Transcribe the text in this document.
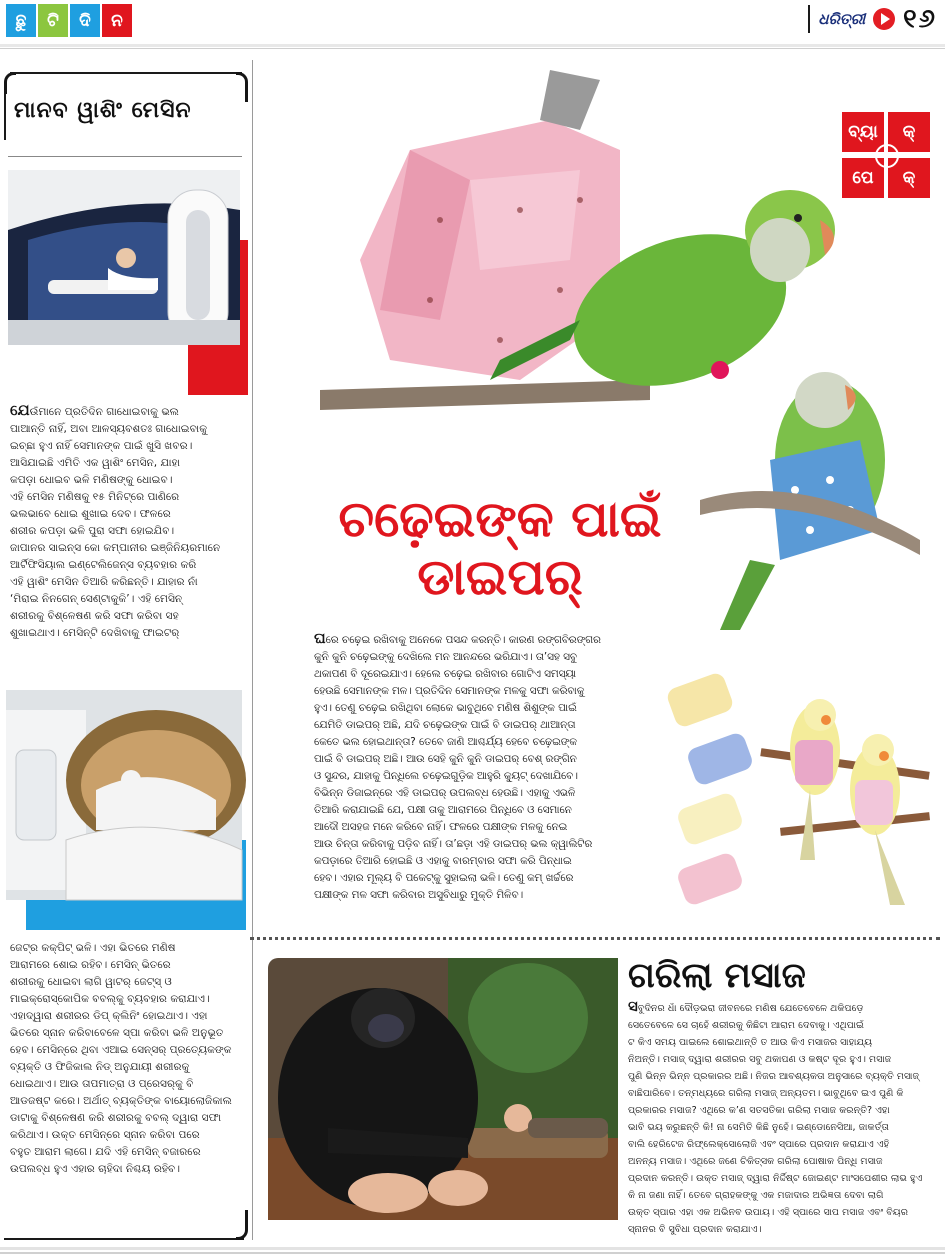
ଛୁ	ଟି	ଦି	ନ	ଧରିତ୍ରୀ ୧୬
ମାନବ ୱାଶିଂ ମେସିନ
ଯେଉଁମାନେ ପ୍ରତିଦିନ ଗାଧୋଇବାକୁ ଭଲ
ପାଆନ୍ତି ନାହିଁ, ଅବା ଆଳସ୍ୟବଶତଃ ଗାଧୋଇବାକୁ
ଇଚ୍ଛା ହୁଏ ନାହିଁ ସେମାନଙ୍କ ପାଇଁ ଖୁସି ଖବର।
ଆସିଯାଇଛି ଏମିତି ଏକ ୱାଶିଂ ମେସିନ, ଯାହା
କପଡ଼ା ଧୋଇବ ଭଳି ମଣିଷଙ୍କୁ ଧୋଇବ।
ଏହି ମେସିନ ମଣିଷକୁ ୧୫ ମିନିଟ୍‌ରେ ପାଣିରେ
ଭଲଭାବେ ଧୋଇ ଶୁଖାଇ ଦେବ। ଫଳରେ
ଶରୀର କପଡ଼ା ଭଳି ପୁରା ସଫା ହୋଇଯିବ।
ଜାପାନର ସାଇନ୍ସ କୋ କମ୍ପାନୀର ଇଞ୍ଜିନିୟରମାନେ
ଆର୍ଟିଫିସିୟାଲ ଇଣ୍ଟେଲିଜେନ୍ସ ବ୍ୟବହାର କରି
ଏହି ୱାଶିଂ ମେସିନ ତିଆରି କରିଛନ୍ତି। ଯାହାର ନାଁ
‘ମିରାଇ ନିନଗେନ୍ ସେଣ୍ଟାକୁକି’। ଏହି ମେସିନ୍
ଶରୀରକୁ ବିଶ୍ଳେଷଣ କରି ସଫା କରିବା ସହ
ଶୁଖାଇଥାଏ। ମେସିନ୍‌ଟି ଦେଖିବାକୁ ଫାଇଟର୍
ଜେଟ୍‌ର କକ୍‌ପିଟ୍ ଭଳି। ଏହା ଭିତରେ ମଣିଷ
ଆରାମରେ ଶୋଇ ରହିବ। ମେସିନ୍ ଭିତରେ
ଶରୀରକୁ ଧୋଇବା ଲାଗି ୱାଟର୍ ଜେଟ୍‌ସ୍ ଓ
ମାଇକ୍ରୋସ୍କୋପିକ ବବଲ୍‌କୁ ବ୍ୟବହାର କରାଯାଏ।
ଏହାଦ୍ୱାରା ଶରୀରର ଡିପ୍ କ୍ଲିନିଂ ହୋଇଥାଏ। ଏହା
ଭିତରେ ସ୍ନାନ କରିବାବେଳେ ସ୍ପା କରିବା ଭଳି ଅନୁଭୂତ
ହେବ। ମେସିନ୍‌ରେ ଥିବା ଏଆଇ ସେନ୍ସର୍ ପ୍ରତ୍ୟେକଙ୍କ
ବ୍ୟକ୍ତି ଓ ଫିଜିକାଲ ନିଡ୍ ଅନୁଯାୟୀ ଶରୀରକୁ
ଧୋଇଥାଏ। ଆଉ ତାପମାତ୍ରା ଓ ପ୍ରେସର୍‌କୁ ବି
ଆଡଜଷ୍ଟ କରେ। ଅର୍ଥାତ୍ ବ୍ୟକ୍ତିଙ୍କ ବାୟୋଲୋଜିକାଲ
ଡାଟାକୁ ବିଶ୍ଳେଷଣ କରି ଶରୀରକୁ ବବଲ୍ ଦ୍ୱାରା ସଫା
କରିଥାଏ। ଉକ୍ତ ମେସିନ୍‌ରେ ସ୍ନାନ କରିବା ପରେ
ବହୁତ ଆରାମ ଲାଗେ। ଯଦି ଏହି ମେସିନ୍ ବଜାରରେ
ଉପଲବ୍ଧ ହୁଏ ଏହାର ଚାହିଦା ନିଶ୍ଚୟ ରହିବ।
ବ୍ୟା	କ୍
ପେ	କ୍
ଚଢ଼େଇଙ୍କ ପାଇଁ
ଡାଇପର୍
ଘରେ ଚଢ଼େଇ ରଖିବାକୁ ଅନେକେ ପସନ୍ଦ କରନ୍ତି। କାରଣ ରଙ୍ଗବିରଙ୍ଗର
କୁନି କୁନି ଚଢ଼େଇଙ୍କୁ ଦେଖିଲେ ମନ ଆନନ୍ଦରେ ଭରିଯାଏ। ତା’ସହ ସବୁ
ଥକାପଣ ବି ଦୂରେଇଯାଏ। ହେଲେ ଚଢ଼େଇ ରଖିବାର ଗୋଟିଏ ସମସ୍ୟା
ହେଉଛି ସେମାନଙ୍କ ମଳ। ପ୍ରତିଦିନ ସେମାନଙ୍କ ମଳକୁ ସଫା କରିବାକୁ
ହୁଏ। ତେଣୁ ଚଢ଼େଇ ରଖିଥିବା ଲୋକେ ଭାବୁଥିବେ ମଣିଷ ଶିଶୁଙ୍କ ପାଇଁ
ଯେମିତି ଡାଇପର୍ ଅଛି, ଯଦି ଚଢ଼େଇଙ୍କ ପାଇଁ ବି ଡାଇପର୍ ଥାଆନ୍ତା
କେତେ ଭଲ ହୋଇଥାନ୍ତା? ତେବେ ଜାଣି ଆଶ୍ଚର୍ଯ୍ୟ ହେବେ ଚଢ଼େଇଙ୍କ
ପାଇଁ ବି ଡାଇପର୍ ଅଛି। ଆଉ ସେହି କୁନି କୁନି ଡାଇପର୍ ବେଶ୍ ରଙ୍ଗିନ
ଓ ସୁନ୍ଦର, ଯାହାକୁ ପିନ୍ଧିଲେ ଚଢ଼େଇଗୁଡ଼ିକ ଆହୁରି କ୍ୟୁଟ୍ ଦେଖାଯିବେ।
ବିଭିନ୍ନ ଡିଜାଇନ୍‌ରେ ଏହି ଡାଇପର୍ ଉପଲବ୍ଧ ହେଉଛି। ଏହାକୁ ଏଭଳି
ତିଆରି କରାଯାଇଛି ଯେ, ପକ୍ଷୀ ତାକୁ ଆରାମରେ ପିନ୍ଧିବେ ଓ ସେମାନେ
ଆଦୌ ଅସହଜ ମନେ କରିବେ ନାହିଁ। ଫଳରେ ପକ୍ଷୀଙ୍କ ମଳକୁ ନେଇ
ଆଉ ଚିନ୍ତା କରିବାକୁ ପଡ଼ିବ ନାହିଁ। ତା’ଛଡ଼ା ଏହି ଡାଇପର୍ ଭଲ କ୍ୱାଲିଟିର
କପଡ଼ାରେ ତିଆରି ହୋଇଛି ଓ ଏହାକୁ ବାରମ୍ବାର ସଫା କରି ପିନ୍ଧାଇ
ହେବ। ଏହାର ମୂଲ୍ୟ ବି ପକେଟ୍‌କୁ ସୁହାଇଲା ଭଳି। ତେଣୁ କମ୍ ଖର୍ଚ୍ଚରେ
ପକ୍ଷୀଙ୍କ ମଳ ସଫା କରିବାର ଅସୁବିଧାରୁ ମୁକ୍ତି ମିଳିବ।
ଗରିଲା ମସାଜ
ସବୁଦିନର ଧାଁ ଦୌଡ଼ଭରା ଜୀବନରେ ମଣିଷ ଯେତେବେଳେ ଥକିପଡ଼େ
ସେତେବେଳେ ସେ ଚାହେଁ ଶରୀରକୁ କିଛିଟା ଆରାମ ଦେବାକୁ। ଏଥିପାଇଁ
ଟ କିଏ ସମୟ ପାଇଲେ ଶୋଇଥାନ୍ତି ତ ଆଉ କିଏ ମସାଜର ସାହାଯ୍ୟ
ନିଅନ୍ତି। ମସାଜ୍ ଦ୍ୱାରା ଶରୀରର ସବୁ ଥକାପଣ ଓ କଷ୍ଟ ଦୂର ହୁଏ। ମସାଜ
ପୁଣି ଭିନ୍ନ ଭିନ୍ନ ପ୍ରକାରର ଅଛି। ନିଜର ଆବଶ୍ୟକତା ଅନୁସାରେ ବ୍ୟକ୍ତି ମସାଜ୍
ବାଛିପାରିବେ। ତନ୍ମଧ୍ୟରେ ଗରିଲା ମସାଜ୍ ଅନ୍ୟତମ। ଭାବୁଥିବେ ଇଏ ପୁଣି କି
ପ୍ରକାରର ମସାଜ? ଏଥିରେ କ’ଣ ସତସତିକା ଗରିଲା ମସାଜ କରନ୍ତି? ଏହା
ଭାବି ଭୟ କରୁଛନ୍ତି କି! ନା ସେମିତି କିଛି ନୁହେଁ। ଇଣ୍ଡୋନେସିଆ, ଜାକର୍ତ୍ତା
ବାଲି ହେରିଟେଜ ରିଫ୍ଲେକ୍ସୋଲୋଜି ଏବଂ ସ୍ପାରେ ପ୍ରଦାନ କରାଯାଏ ଏହି
ଅନନ୍ୟ ମସାଜ। ଏଥିରେ ଜଣେ ଚିକିତ୍ସକ ଗରିଲା ପୋଷାକ ପିନ୍ଧି ମସାଜ
ପ୍ରଦାନ କରନ୍ତି। ଉକ୍ତ ମସାଜ୍ ଦ୍ୱାରା ନିର୍ଦ୍ଦିଷ୍ଟ ଜୋଇଣ୍ଟ ମାଂସପେଶୀର ଲାଭ ହୁଏ
କି ନା ଜଣା ନାହିଁ। ତେବେ ଗ୍ରାହକଙ୍କୁ ଏକ ମଜାଦାର ଅଭିଜ୍ଞତା ଦେବା ଲାଗି
ଉକ୍ତ ସ୍ପାର ଏହା ଏକ ଅଭିନବ ଉପାୟ। ଏହି ସ୍ପାରେ ସାପ ମସାଜ ଏବଂ ବିୟର
ସ୍ନାନର ବି ସୁବିଧା ପ୍ରଦାନ କରାଯାଏ।
